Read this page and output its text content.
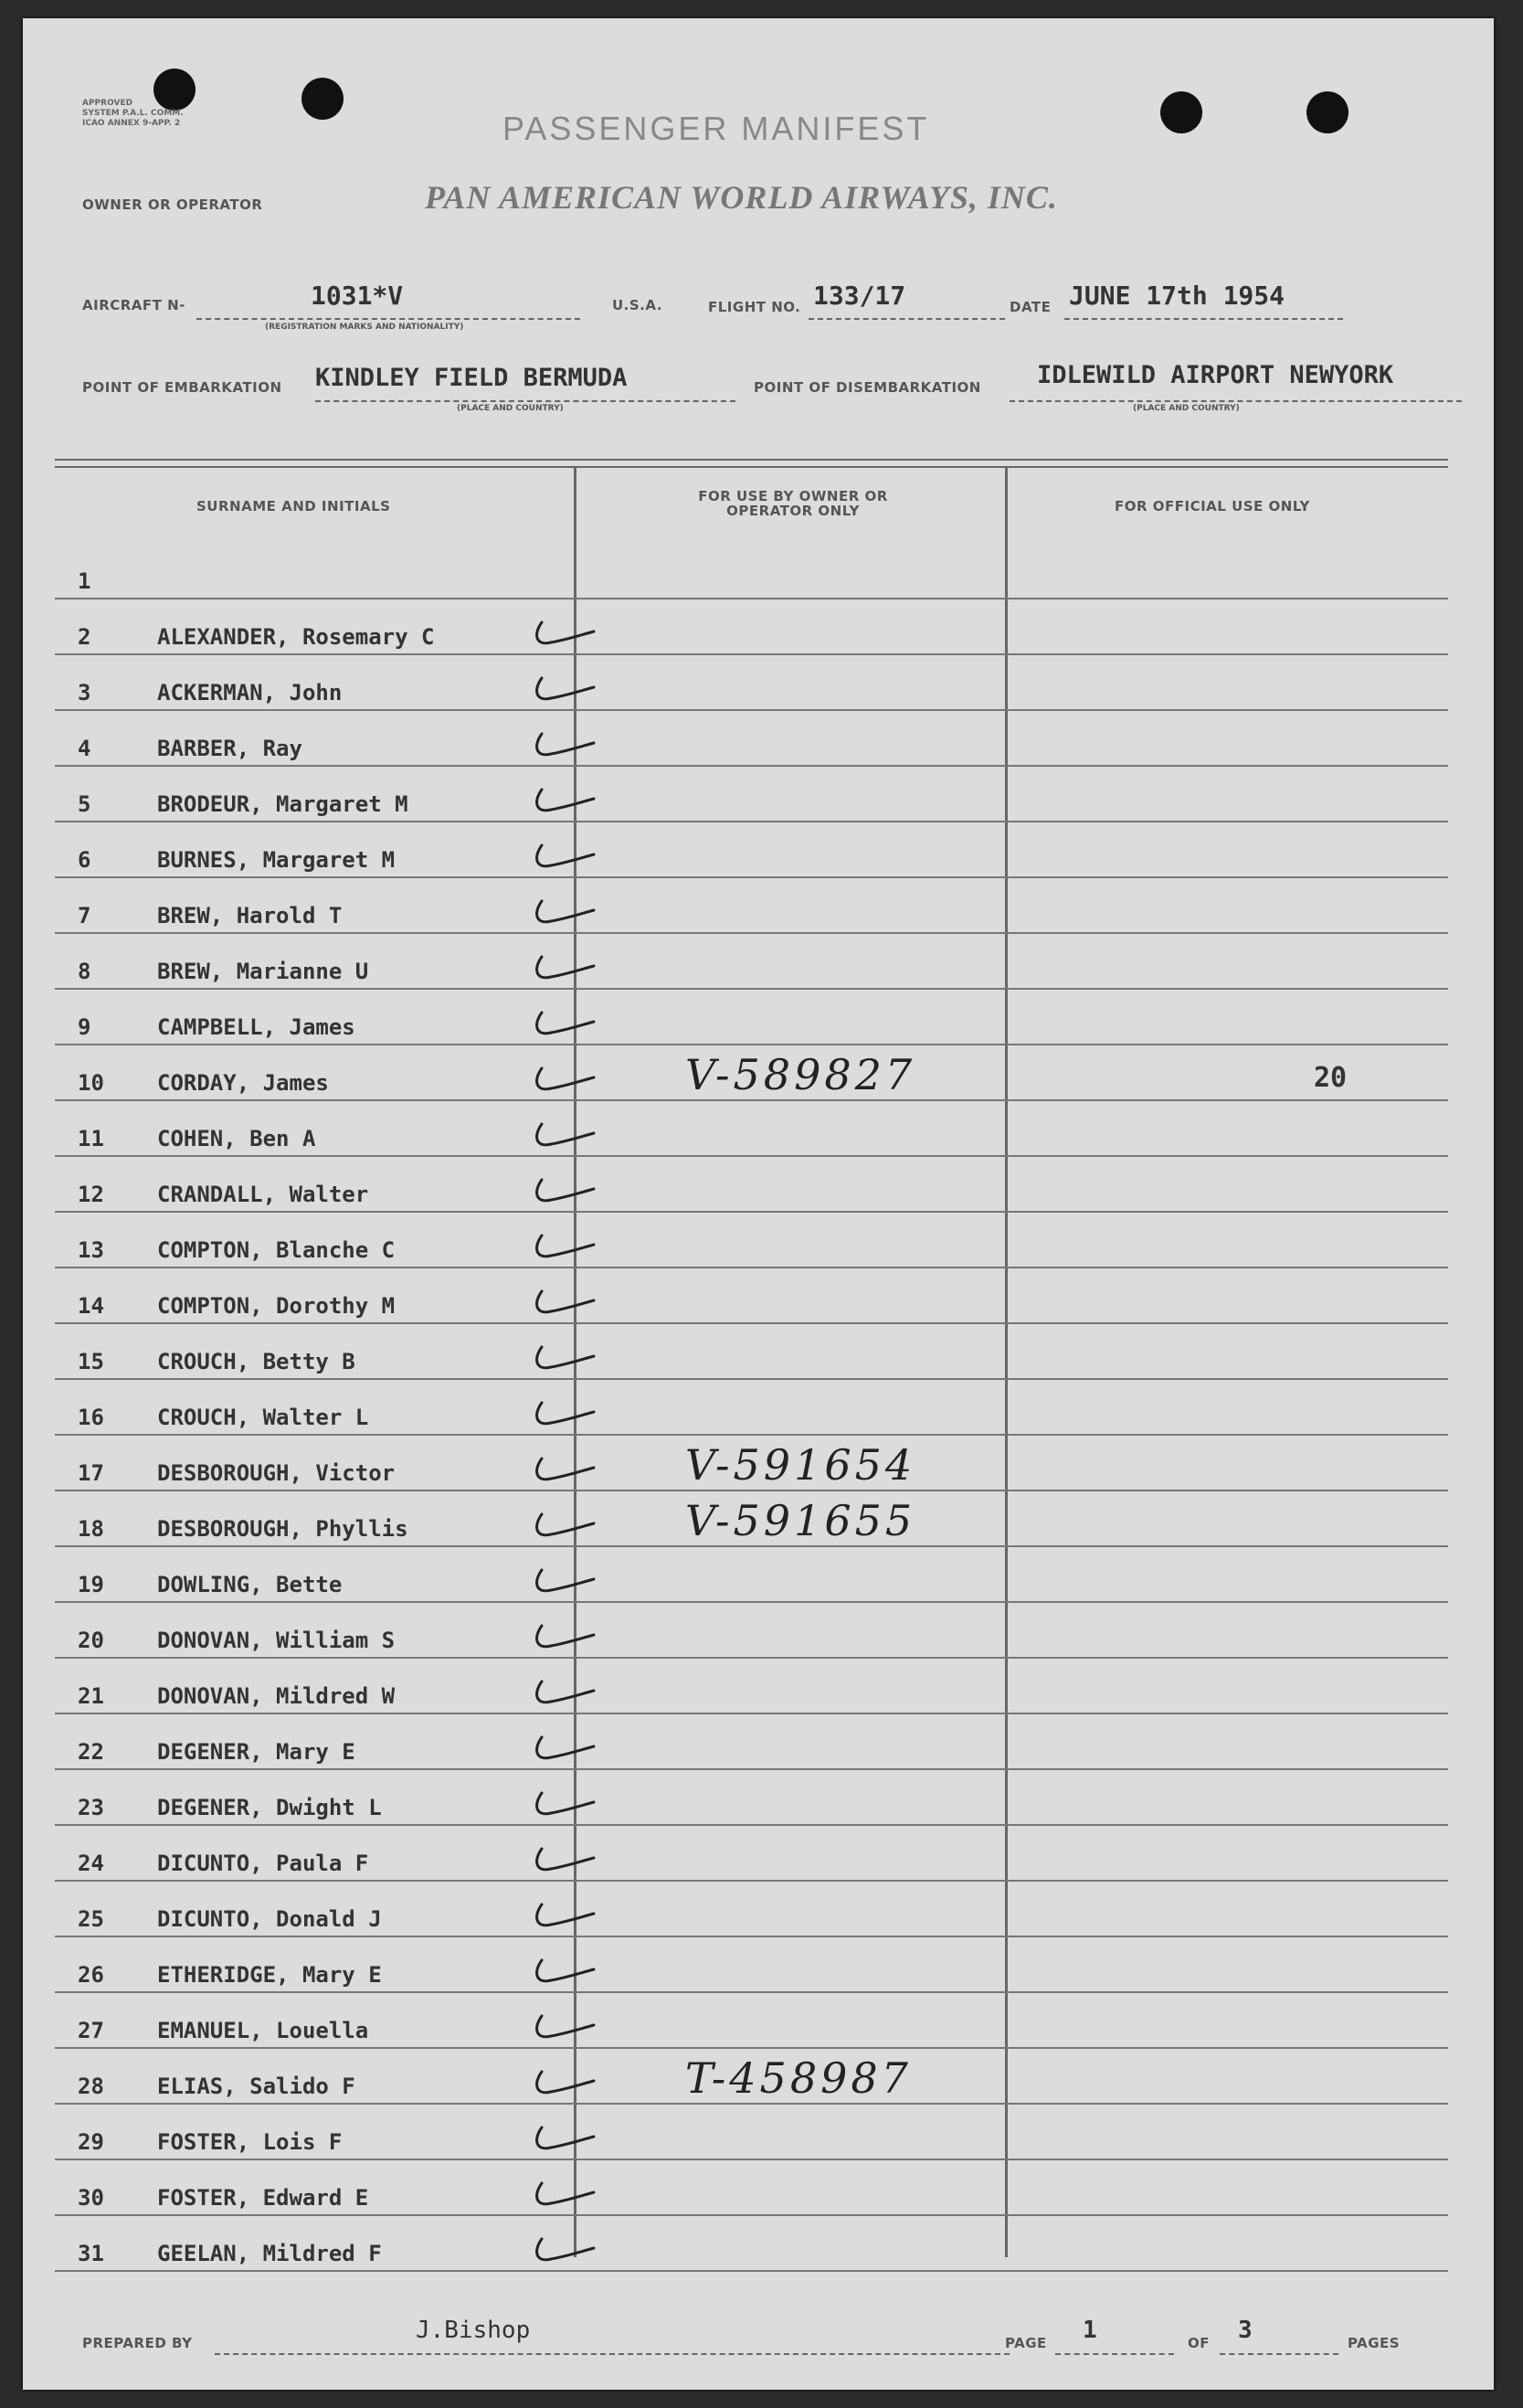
APPROVED
SYSTEM P.A.L. COMM.
ICAO ANNEX 9-APP. 2	PASSENGER MANIFEST
OWNER OR OPERATOR	PAN AMERICAN WORLD AIRWAYS, INC.
AIRCRAFT N-	1031*V
(REGISTRATION MARKS AND NATIONALITY)
U.S.A.	FLIGHT NO. 133/17	DATE JUNE 17th 1954
POINT OF EMBARKATION KINDLEY FIELD BERMUDA
(PLACE AND COUNTRY)
POINT OF DISEMBARKATION IDLEWILD AIRPORT NEWYORK
(PLACE AND COUNTRY)
SURNAME AND INITIALS
FOR USE BY OWNER OR OPERATOR ONLY	FOR OFFICIAL USE ONLY
1
2	ALEXANDER, Rosemary C
3	ACKERMAN, John
4	BARBER, Ray
5	BRODEUR, Margaret M
6	BURNES, Margaret M
7	BREW, Harold T
8	BREW, Marianne U
9	CAMPBELL, James
10	CORDAY, James	V-589827	20
11	COHEN, Ben A
12	CRANDALL, Walter
13	COMPTON, Blanche C
14	COMPTON, Dorothy M
15	CROUCH, Betty B
16	CROUCH, Walter L
17	DESBOROUGH, Victor	V-591654
18	DESBOROUGH, Phyllis	V-591655
19	DOWLING, Bette
20	DONOVAN, William S
21	DONOVAN, Mildred W
22	DEGENER, Mary E
23	DEGENER, Dwight L
24	DICUNTO, Paula F
25	DICUNTO, Donald J
26	ETHERIDGE, Mary E
27	EMANUEL, Louella
28	ELIAS, Salido F	T-458987
29	FOSTER, Lois F
30	FOSTER, Edward E
31	GEELAN, Mildred F
PREPARED BY	J.Bishop	PAGE 1	OF 3	PAGES
